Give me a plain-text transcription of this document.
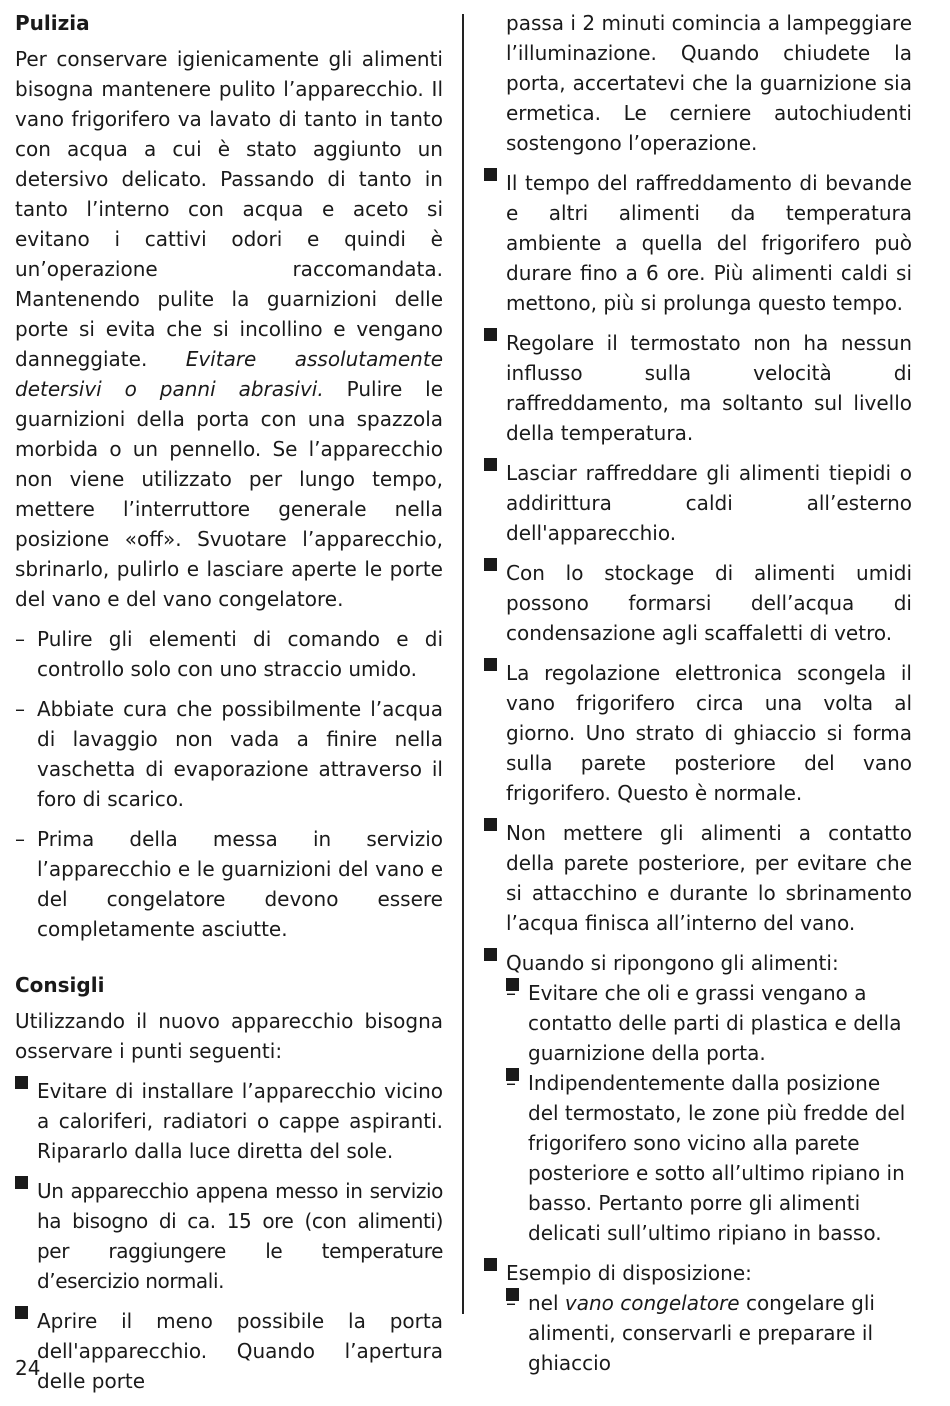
Pulizia

Per conservare igienicamente gli alimenti bisogna mantenere pulito l’apparecchio. Il vano frigorifero va lavato di tanto in tanto con acqua a cui è stato aggiunto un detersivo delicato. Passando di tanto in tanto l’interno con acqua e aceto si evitano i cattivi odori e quindi è un’operazione raccomandata. Mantenendo pulite la guarnizioni delle porte si evita che si incollino e vengano danneggiate. Evitare assolutamente detersivi o panni abrasivi. Pulire le guarnizioni della porta con una spazzola morbida o un pennello. Se l’apparecchio non viene utilizzato per lungo tempo, mettere l’interruttore generale nella posizione «off». Svuotare l’apparecchio, sbrinarlo, pulirlo e lasciare aperte le porte del vano e del vano congelatore.

– Pulire gli elementi di comando e di controllo solo con uno straccio umido.
– Abbiate cura che possibilmente l’acqua di lavaggio non vada a finire nella vaschetta di evaporazione attraverso il foro di scarico.
– Prima della messa in servizio l’apparecchio e le guarnizioni del vano e del congelatore devono essere completamente asciutte.
Consigli

Utilizzando il nuovo apparecchio bisogna osservare i punti seguenti:

Evitare di installare l’apparecchio vicino a caloriferi, radiatori o cappe aspiranti. Ripararlo dalla luce diretta del sole.
Un apparecchio appena messo in servizio ha bisogno di ca. 15 ore (con alimenti) per raggiungere le temperature d’esercizio normali.
Aprire il meno possibile la porta dell'apparecchio. Quando l’apertura delle porte

passa i 2 minuti comincia a lampeggiare l’illuminazione. Quando chiudete la porta, accertatevi che la guarnizione sia ermetica. Le cerniere autochiudenti sostengono l’operazione.

Il tempo del raffreddamento di bevande e altri alimenti da temperatura ambiente a quella del frigorifero può durare fino a 6 ore. Più alimenti caldi si mettono, più si prolunga questo tempo.
Regolare il termostato non ha nessun influsso sulla velocità di raffreddamento, ma soltanto sul livello della temperatura.
Lasciar raffreddare gli alimenti tiepidi o addirittura caldi all’esterno dell'apparecchio.
Con lo stockage di alimenti umidi possono formarsi dell’acqua di condensazione agli scaffaletti di vetro.
La regolazione elettronica scongela il vano frigorifero circa una volta al giorno. Uno strato di ghiaccio si forma sulla parete posteriore del vano frigorifero. Questo è normale.
Non mettere gli alimenti a contatto della parete posteriore, per evitare che si attacchino e durante lo sbrinamento l’acqua finisca all’interno del vano.
Quando si ripongono gli alimenti:
– Evitare che oli e grassi vengano a contatto delle parti di plastica e della guarnizione della porta.
– Indipendentemente dalla posizione del termostato, le zone più fredde del frigorifero sono vicino alla parete posteriore e sotto all’ultimo ripiano in basso. Pertanto porre gli alimenti delicati sull’ultimo ripiano in basso.
Esempio di disposizione:
– nel vano congelatore congelare gli alimenti, conservarli e preparare il ghiaccio
24
